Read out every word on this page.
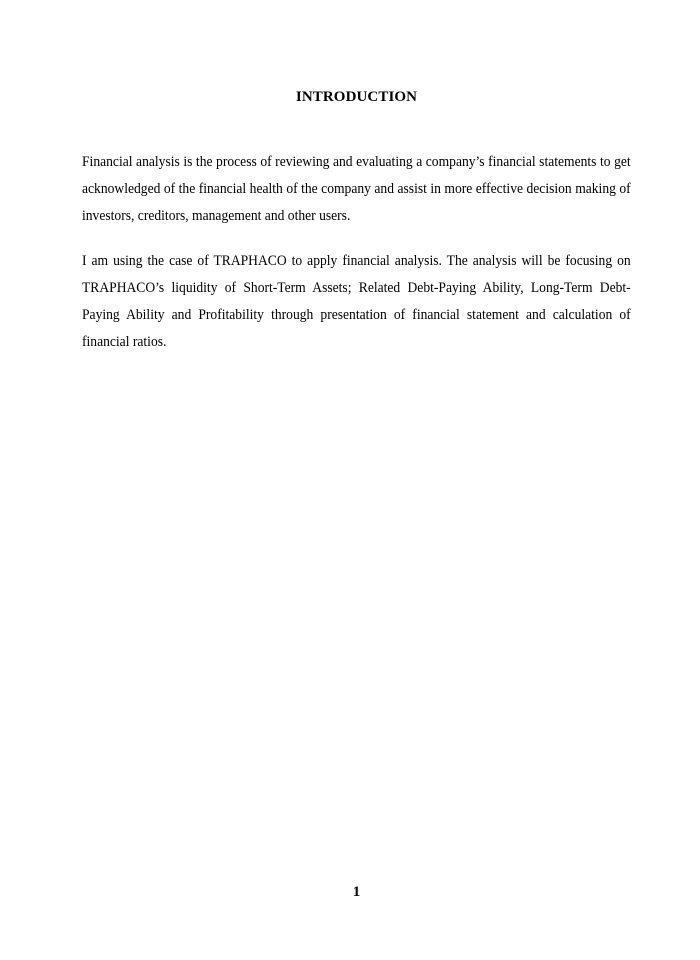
INTRODUCTION

Financial analysis is the process of reviewing and evaluating a company’s financial statements to get acknowledged of the financial health of the company and assist in more effective decision making of investors, creditors, management and other users.

I am using the case of TRAPHACO to apply financial analysis. The analysis will be focusing on TRAPHACO’s liquidity of Short-Term Assets; Related Debt-Paying Ability, Long-Term Debt-Paying Ability and Profitability through presentation of financial statement and calculation of financial ratios.

1
